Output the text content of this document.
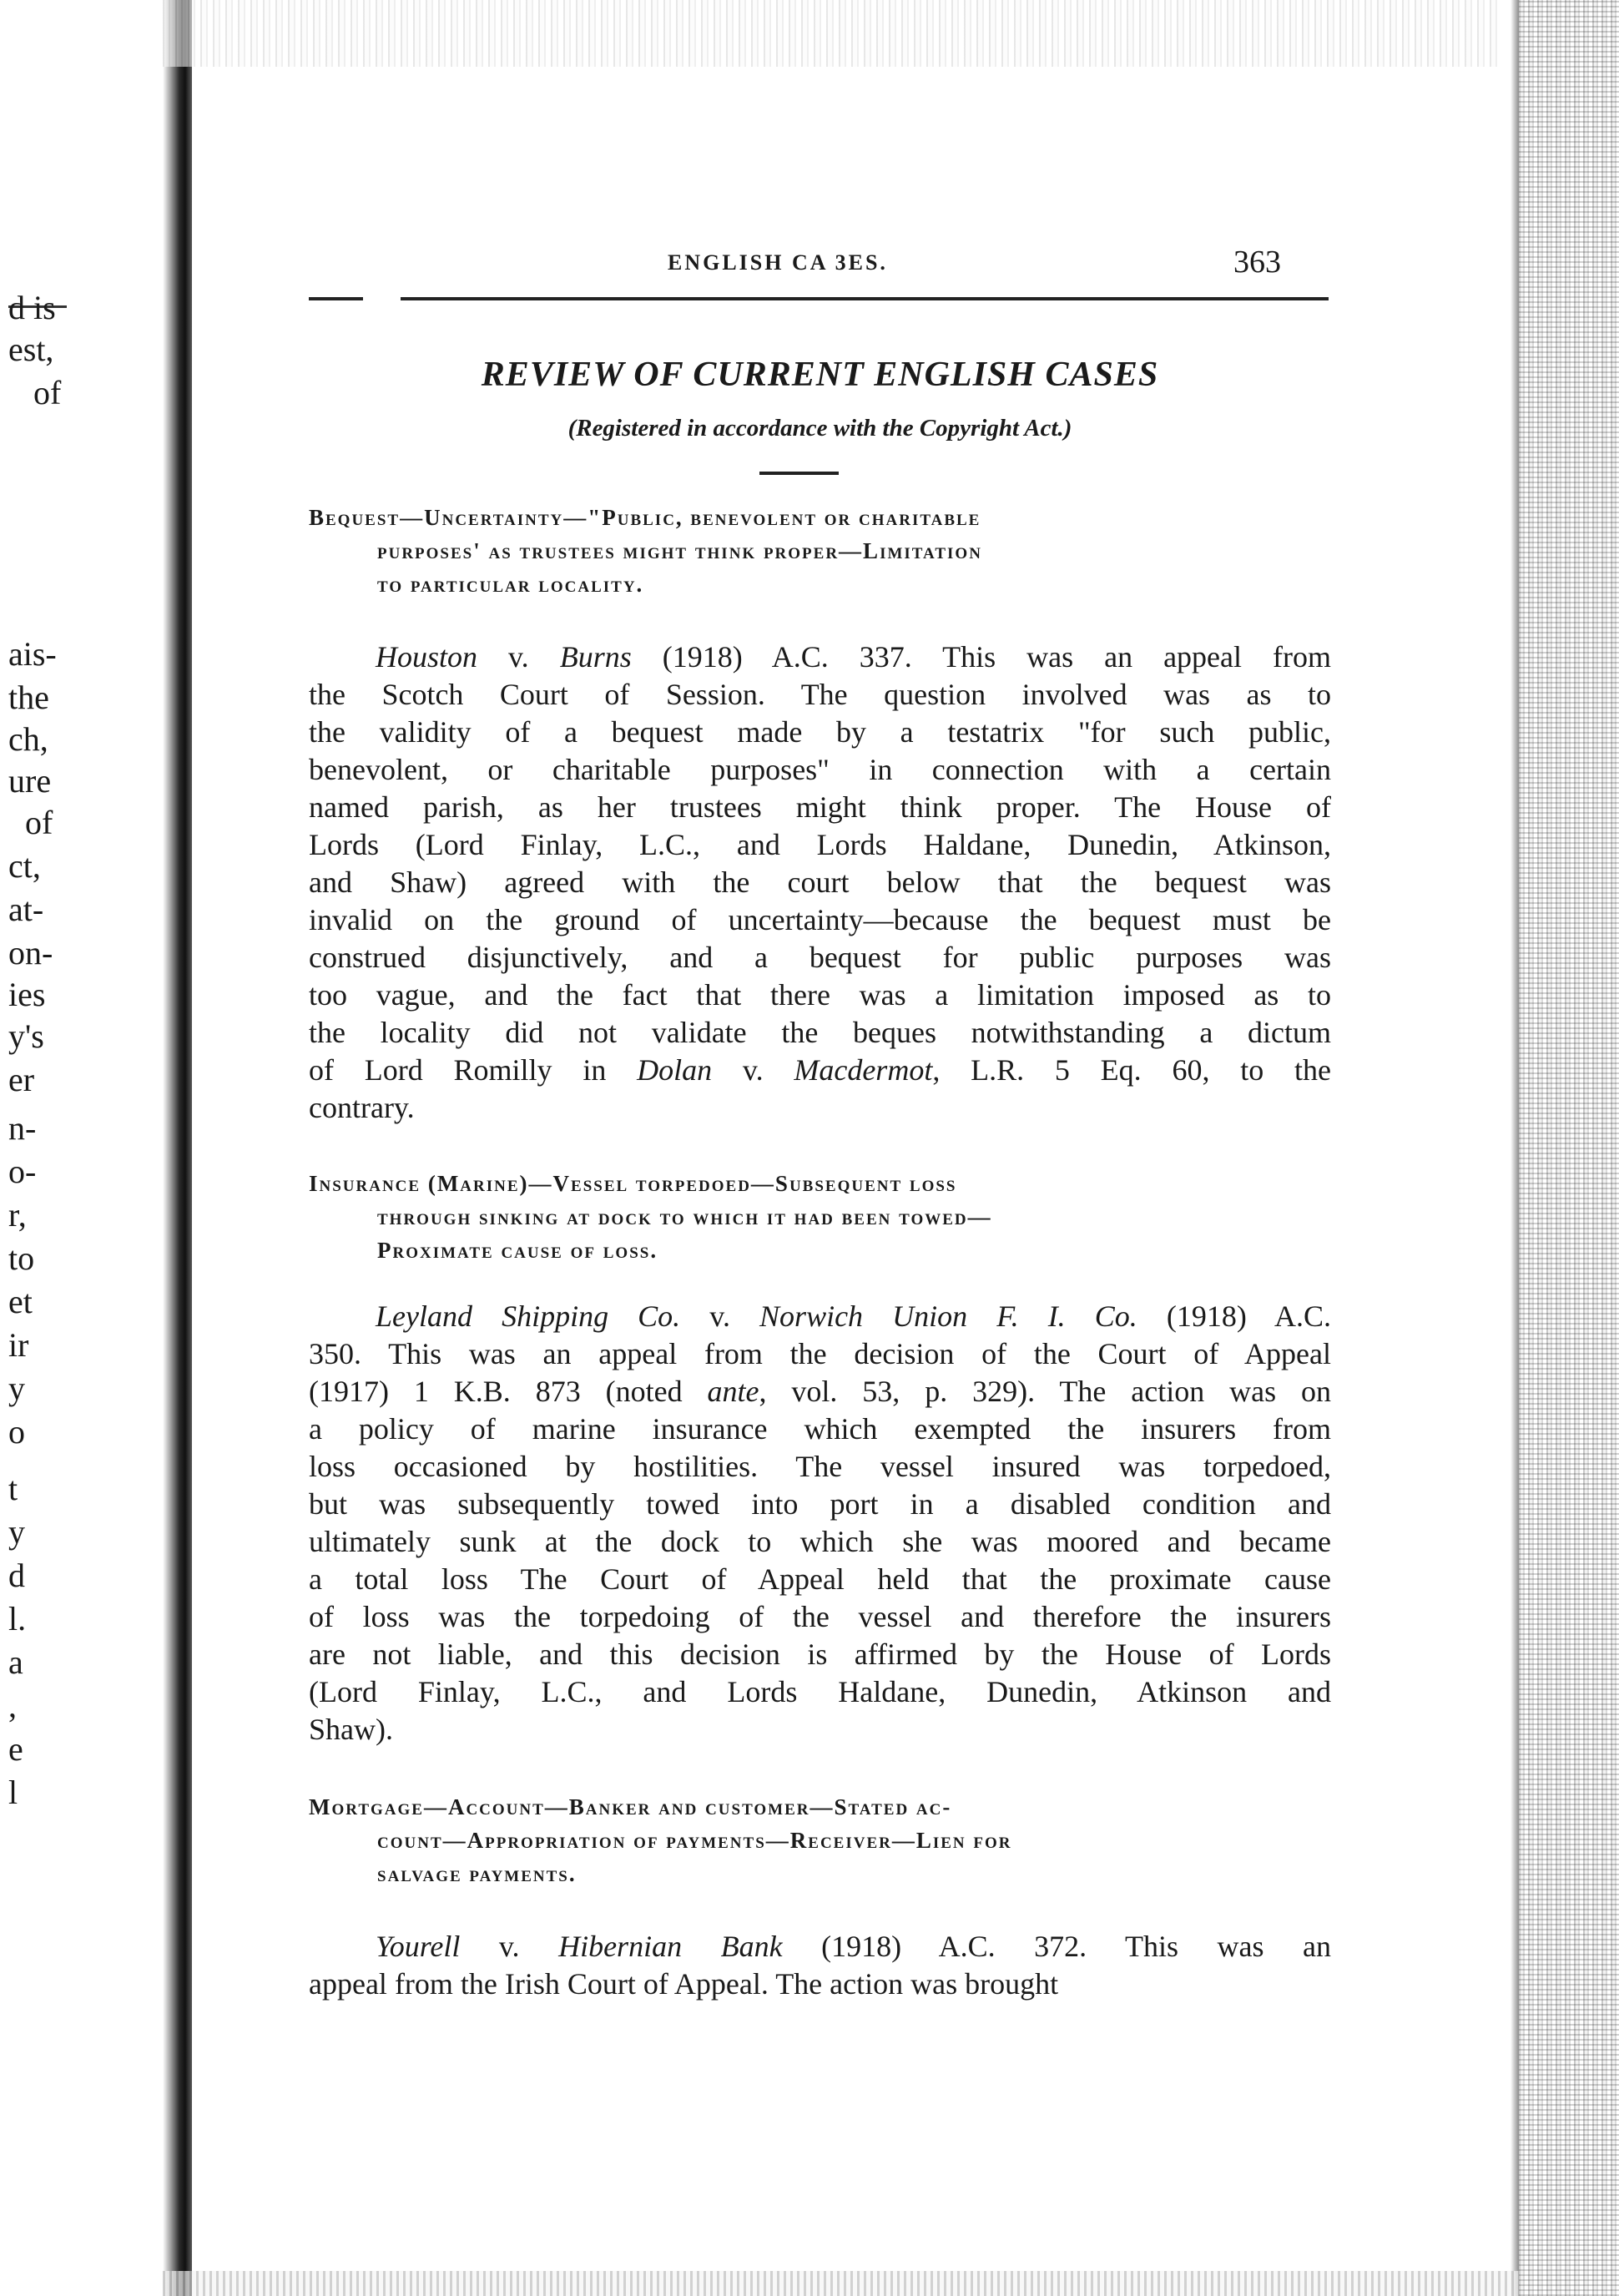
d is
est,
of
ais-
the
ch,
ure
of
ct,
at-
on-
ies
y's
er
n-
o-
r,
to
et
ir
y
o
t
y
d
l.
a
,
e
l
ENGLISH CA 3ES.	363
REVIEW OF CURRENT ENGLISH CASES
(Registered in accordance with the Copyright Act.)
Bequest—Uncertainty—"Public, benevolent or charitable
purposes' as trustees might think proper—Limitation
to particular locality.
Houston v. Burns (1918) A.C. 337. This was an appeal from
the Scotch Court of Session. The question involved was as to
the validity of a bequest made by a testatrix "for such public,
benevolent, or charitable purposes" in connection with a certain
named parish, as her trustees might think proper. The House of
Lords (Lord Finlay, L.C., and Lords Haldane, Dunedin, Atkinson,
and Shaw) agreed with the court below that the bequest was
invalid on the ground of uncertainty—because the bequest must be
construed disjunctively, and a bequest for public purposes was
too vague, and the fact that there was a limitation imposed as to
the locality did not validate the beques notwithstanding a dictum
of Lord Romilly in Dolan v. Macdermot, L.R. 5 Eq. 60, to the
contrary.
Insurance (Marine)—Vessel torpedoed—Subsequent loss
through sinking at dock to which it had been towed—
Proximate cause of loss.
Leyland Shipping Co. v. Norwich Union F. I. Co. (1918) A.C.
350. This was an appeal from the decision of the Court of Appeal
(1917) 1 K.B. 873 (noted ante, vol. 53, p. 329). The action was on
a policy of marine insurance which exempted the insurers from
loss occasioned by hostilities. The vessel insured was torpedoed,
but was subsequently towed into port in a disabled condition and
ultimately sunk at the dock to which she was moored and became
a total loss The Court of Appeal held that the proximate cause
of loss was the torpedoing of the vessel and therefore the insurers
are not liable, and this decision is affirmed by the House of Lords
(Lord Finlay, L.C., and Lords Haldane, Dunedin, Atkinson and
Shaw).
Mortgage—Account—Banker and customer—Stated ac-
count—Appropriation of payments—Receiver—Lien for
salvage payments.
Yourell v. Hibernian Bank (1918) A.C. 372. This was an
appeal from the Irish Court of Appeal. The action was brought
